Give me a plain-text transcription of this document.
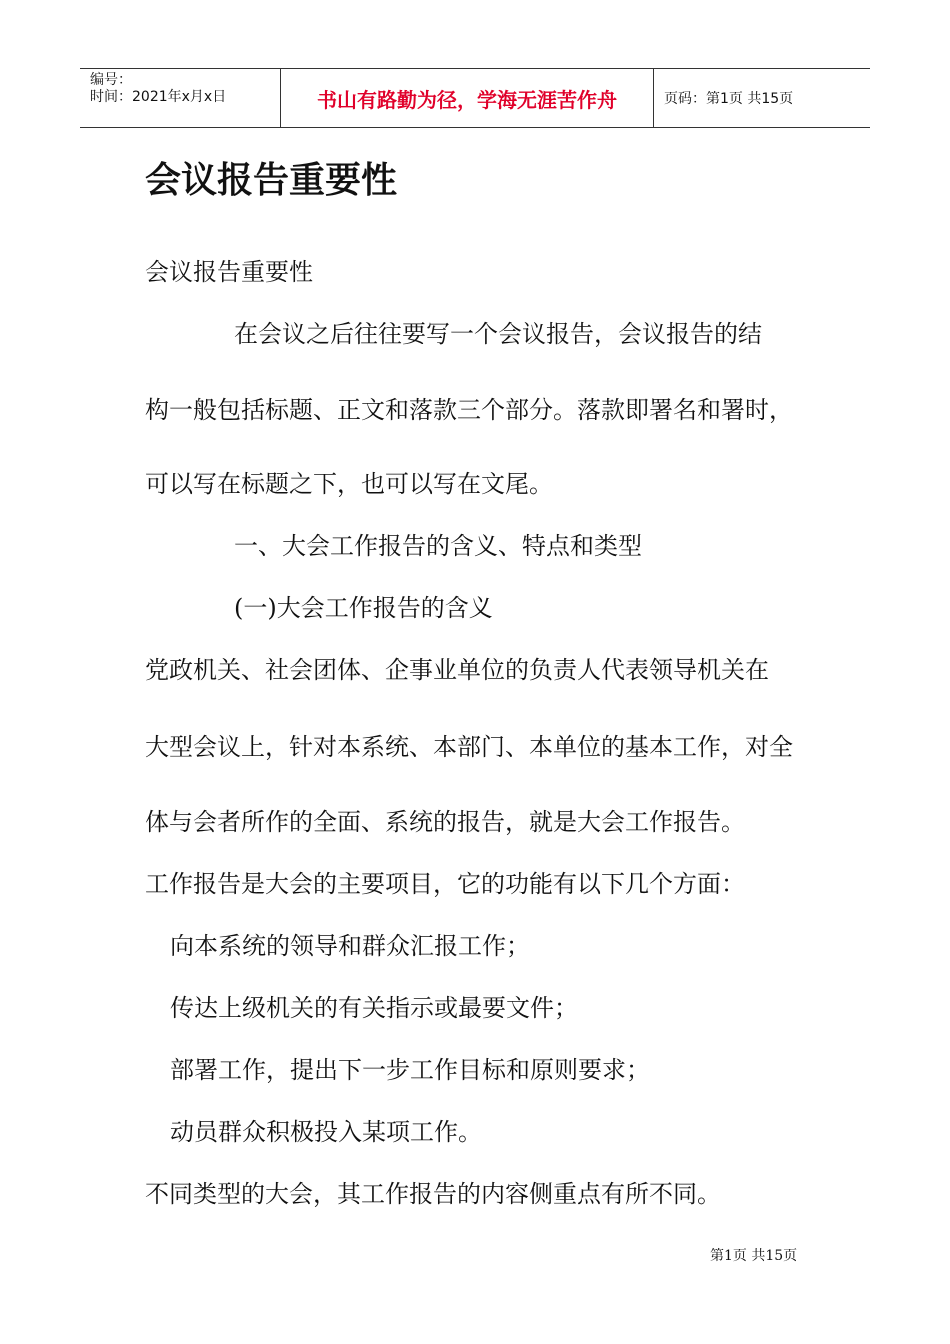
编号：
时间：2021年x月x日	书山有路勤为径，学海无涯苦作舟	页码：第1页 共15页
会议报告重要性

会议报告重要性

在会议之后往往要写一个会议报告，会议报告的结

构一般包括标题、正文和落款三个部分。落款即署名和署时，

可以写在标题之下，也可以写在文尾。

一、大会工作报告的含义、特点和类型

(一)大会工作报告的含义

党政机关、社会团体、企事业单位的负责人代表领导机关在

大型会议上，针对本系统、本部门、本单位的基本工作，对全

体与会者所作的全面、系统的报告，就是大会工作报告。

工作报告是大会的主要项目，它的功能有以下几个方面：

向本系统的领导和群众汇报工作；

传达上级机关的有关指示或最要文件；

部署工作，提出下一步工作目标和原则要求；

动员群众积极投入某项工作。

不同类型的大会，其工作报告的内容侧重点有所不同。

第1页 共15页
